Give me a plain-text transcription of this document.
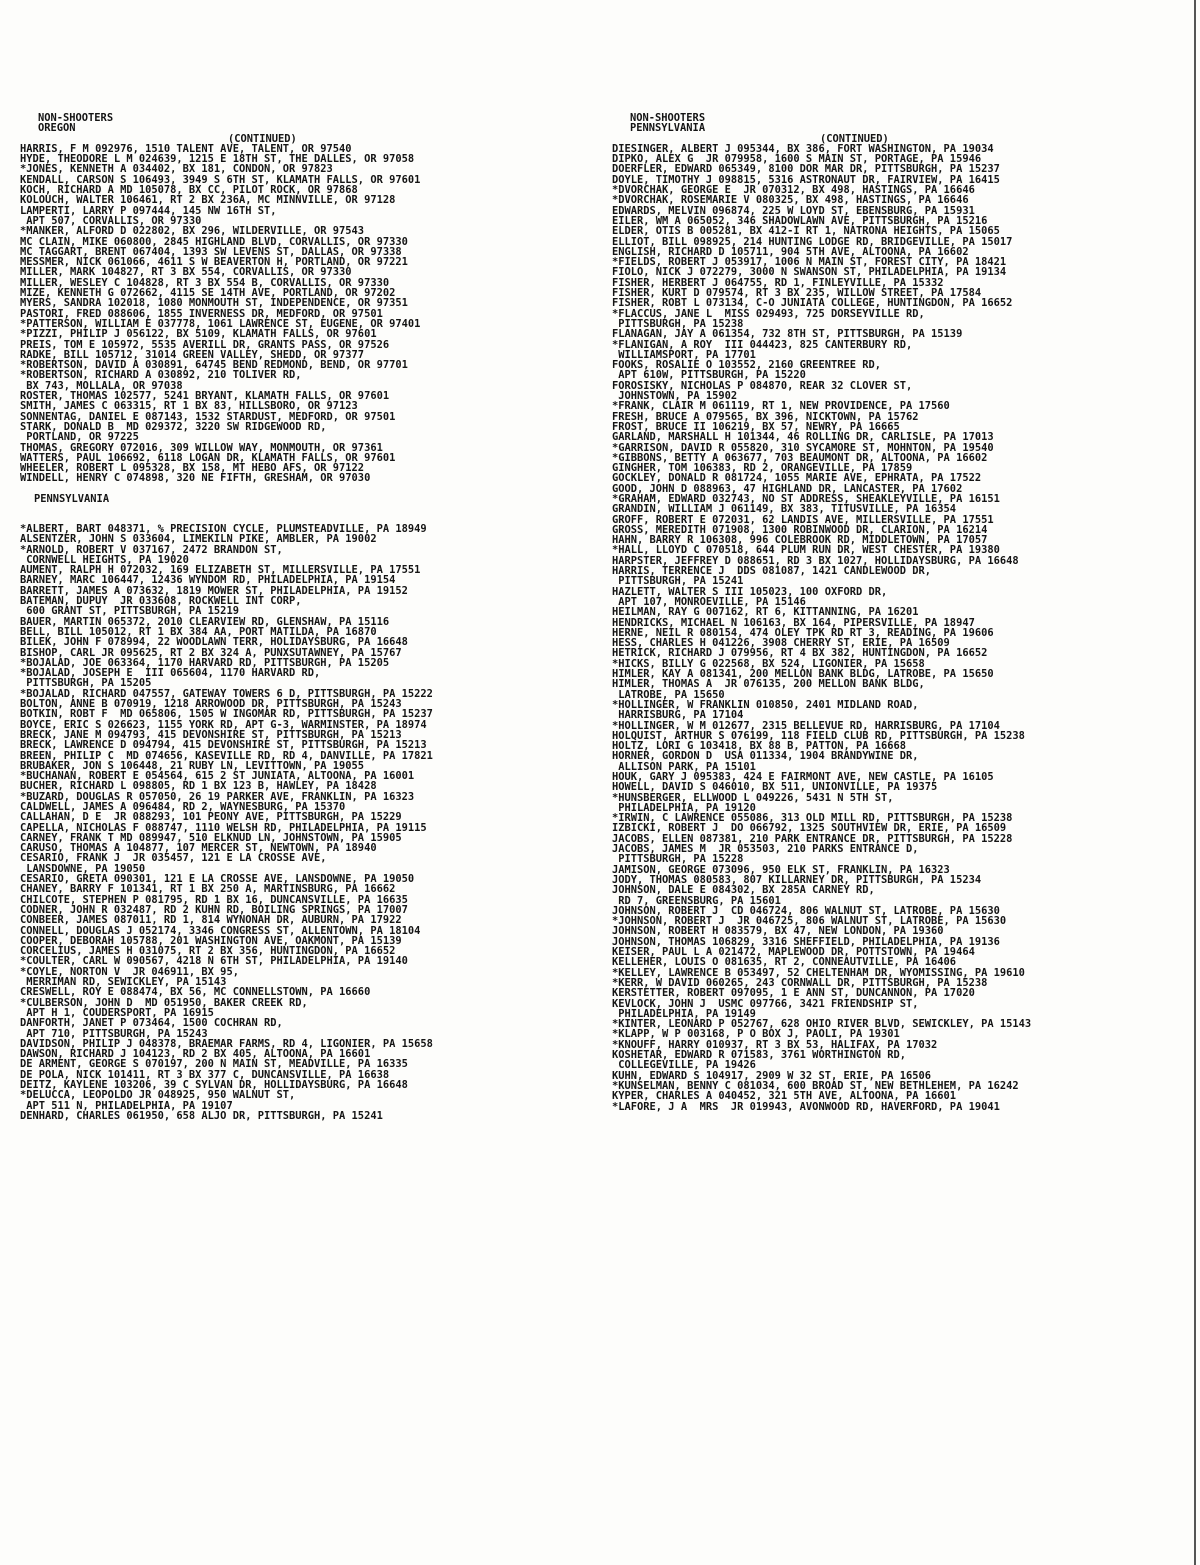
NON-SHOOTERS
OREGON
(CONTINUED)
HARRIS, F M 092976, 1510 TALENT AVE, TALENT, OR 97540
HYDE, THEODORE L M 024639, 1215 E 18TH ST, THE DALLES, OR 97058
*JONES, KENNETH A 034402, BX 181, CONDON, OR 97823
KENDALL, CARSON S 106493, 3949 S 6TH ST, KLAMATH FALLS, OR 97601
KOCH, RICHARD A MD 105078, BX CC, PILOT ROCK, OR 97868
KOLOUCH, WALTER 106461, RT 2 BX 236A, MC MINNVILLE, OR 97128
LAMPERTI, LARRY P 097444, 145 NW 16TH ST,
APT 507, CORVALLIS, OR 97330
*MANKER, ALFORD D 022802, BX 296, WILDERVILLE, OR 97543
MC CLAIN, MIKE 060800, 2845 HIGHLAND BLVD, CORVALLIS, OR 97330
MC TAGGART, BRENT 067404, 1393 SW LEVENS ST, DALLAS, OR 97338
MESSMER, NICK 061066, 4611 S W BEAVERTON H, PORTLAND, OR 97221
MILLER, MARK 104827, RT 3 BX 554, CORVALLIS, OR 97330
MILLER, WESLEY C 104828, RT 3 BX 554 B, CORVALLIS, OR 97330
MIZE, KENNETH G 072662, 4115 SE 14TH AVE, PORTLAND, OR 97202
MYERS, SANDRA 102018, 1080 MONMOUTH ST, INDEPENDENCE, OR 97351
PASTORI, FRED 088606, 1855 INVERNESS DR, MEDFORD, OR 97501
*PATTERSON, WILLIAM E 037778, 1061 LAWRENCE ST, EUGENE, OR 97401
*PIZZI, PHILIP J 056122, BX 5109, KLAMATH FALLS, OR 97601
PREIS, TOM E 105972, 5535 AVERILL DR, GRANTS PASS, OR 97526
RADKE, BILL 105712, 31014 GREEN VALLEY, SHEDD, OR 97377
*ROBERTSON, DAVID A 030891, 64745 BEND REDMOND, BEND, OR 97701
*ROBERTSON, RICHARD A 030892, 210 TOLIVER RD,
BX 743, MOLLALA, OR 97038
ROSTER, THOMAS 102577, 5241 BRYANT, KLAMATH FALLS, OR 97601
SMITH, JAMES C 063315, RT 1 BX 83, HILLSBORO, OR 97123
SONNENTAG, DANIEL E 087143, 1532 STARDUST, MEDFORD, OR 97501
STARK, DONALD B  MD 029372, 3220 SW RIDGEWOOD RD,
PORTLAND, OR 97225
THOMAS, GREGORY 072016, 309 WILLOW WAY, MONMOUTH, OR 97361
WATTERS, PAUL 106692, 6118 LOGAN DR, KLAMATH FALLS, OR 97601
WHEELER, ROBERT L 095328, BX 158, MT HEBO AFS, OR 97122
WINDELL, HENRY C 074898, 320 NE FIFTH, GRESHAM, OR 97030
PENNSYLVANIA
*ALBERT, BART 048371, % PRECISION CYCLE, PLUMSTEADVILLE, PA 18949
ALSENTZER, JOHN S 033604, LIMEKILN PIKE, AMBLER, PA 19002
*ARNOLD, ROBERT V 037167, 2472 BRANDON ST,
CORNWELL HEIGHTS, PA 19020
AUMENT, RALPH H 072032, 169 ELIZABETH ST, MILLERSVILLE, PA 17551
BARNEY, MARC 106447, 12436 WYNDOM RD, PHILADELPHIA, PA 19154
BARRETT, JAMES A 073632, 1819 MOWER ST, PHILADELPHIA, PA 19152
BATEMAN, DUPUY  JR 033608, ROCKWELL INT CORP,
600 GRANT ST, PITTSBURGH, PA 15219
BAUER, MARTIN 065372, 2010 CLEARVIEW RD, GLENSHAW, PA 15116
BELL, BILL 105012, RT 1 BX 384 AA, PORT MATILDA, PA 16870
BILEK, JOHN F 078994, 22 WOODLAWN TERR, HOLIDAYSBURG, PA 16648
BISHOP, CARL JR 095625, RT 2 BX 324 A, PUNXSUTAWNEY, PA 15767
*BOJALAD, JOE 063364, 1170 HARVARD RD, PITTSBURGH, PA 15205
*BOJALAD, JOSEPH E  III 065604, 1170 HARVARD RD,
PITTSBURGH, PA 15205
*BOJALAD, RICHARD 047557, GATEWAY TOWERS 6 D, PITTSBURGH, PA 15222
BOLTON, ANNE B 070919, 1218 ARROWOOD DR, PITTSBURGH, PA 15243
BOTKIN, ROBT F  MD 065806, 1505 W INGOMAR RD, PITTSBURGH, PA 15237
BOYCE, ERIC S 026623, 1155 YORK RD, APT G-3, WARMINSTER, PA 18974
BRECK, JANE M 094793, 415 DEVONSHIRE ST, PITTSBURGH, PA 15213
BRECK, LAWRENCE D 094794, 415 DEVONSHIRE ST, PITTSBURGH, PA 15213
BREEN, PHILIP C  MD 074656, KASEVILLE RD, RD 4, DANVILLE, PA 17821
BRUBAKER, JON S 106448, 21 RUBY LN, LEVITTOWN, PA 19055
*BUCHANAN, ROBERT E 054564, 615 2 ST JUNIATA, ALTOONA, PA 16001
BUCHER, RICHARD L 098805, RD 1 BX 123 B, HAWLEY, PA 18428
*BUZARD, DOUGLAS R 057050, 26 19 PARKER AVE, FRANKLIN, PA 16323
CALDWELL, JAMES A 096484, RD 2, WAYNESBURG, PA 15370
CALLAHAN, D E  JR 088293, 101 PEONY AVE, PITTSBURGH, PA 15229
CAPELLA, NICHOLAS F 088747, 1110 WELSH RD, PHILADELPHIA, PA 19115
CARNEY, FRANK T MD 089947, 510 ELKNUD LN, JOHNSTOWN, PA 15905
CARUSO, THOMAS A 104877, 107 MERCER ST, NEWTOWN, PA 18940
CESARIO, FRANK J  JR 035457, 121 E LA CROSSE AVE,
LANSDOWNE, PA 19050
CESARIO, GRETA 090301, 121 E LA CROSSE AVE, LANSDOWNE, PA 19050
CHANEY, BARRY F 101341, RT 1 BX 250 A, MARTINSBURG, PA 16662
CHILCOTE, STEPHEN P 081795, RD 1 BX 16, DUNCANSVILLE, PA 16635
CODNER, JOHN R 032487, RD 2 KUHN RD, BOILING SPRINGS, PA 17007
CONBEER, JAMES 087011, RD 1, 814 WYNONAH DR, AUBURN, PA 17922
CONNELL, DOUGLAS J 052174, 3346 CONGRESS ST, ALLENTOWN, PA 18104
COOPER, DEBORAH 105788, 201 WASHINGTON AVE, OAKMONT, PA 15139
CORCELIUS, JAMES H 031075, RT 2 BX 356, HUNTINGDON, PA 16652
*COULTER, CARL W 090567, 4218 N 6TH ST, PHILADELPHIA, PA 19140
*COYLE, NORTON V  JR 046911, BX 95,
MERRIMAN RD, SEWICKLEY, PA 15143
CRESWELL, ROY E 088474, BX 56, MC CONNELLSTOWN, PA 16660
*CULBERSON, JOHN D  MD 051950, BAKER CREEK RD,
APT H 1, COUDERSPORT, PA 16915
DANFORTH, JANET P 073464, 1500 COCHRAN RD,
APT 710, PITTSBURGH, PA 15243
DAVIDSON, PHILIP J 048378, BRAEMAR FARMS, RD 4, LIGONIER, PA 15658
DAWSON, RICHARD J 104123, RD 2 BX 405, ALTOONA, PA 16601
DE ARMENT, GEORGE S 070197, 200 N MAIN ST, MEADVILLE, PA 16335
DE POLA, NICK 101411, RT 3 BX 377 C, DUNCANSVILLE, PA 16638
DEITZ, KAYLENE 103206, 39 C SYLVAN DR, HOLLIDAYSBURG, PA 16648
*DELUCCA, LEOPOLDO JR 048925, 950 WALNUT ST,
APT 511 N, PHILADELPHIA, PA 19107
DENHARD, CHARLES 061950, 658 ALJO DR, PITTSBURGH, PA 15241
NON-SHOOTERS
PENNSYLVANIA
(CONTINUED)
DIESINGER, ALBERT J 095344, BX 386, FORT WASHINGTON, PA 19034
DIPKO, ALEX G  JR 079958, 1600 S MAIN ST, PORTAGE, PA 15946
DOERFLER, EDWARD 065349, 8100 DOR MAR DR, PITTSBURGH, PA 15237
DOYLE, TIMOTHY J 098815, 5316 ASTRONAUT DR, FAIRVIEW, PA 16415
*DVORCHAK, GEORGE E  JR 070312, BX 498, HASTINGS, PA 16646
*DVORCHAK, ROSEMARIE V 080325, BX 498, HASTINGS, PA 16646
EDWARDS, MELVIN 096874, 225 W LOYD ST, EBENSBURG, PA 15931
EILER, WM A 065052, 346 SHADOWLAWN AVE, PITTSBURGH, PA 15216
ELDER, OTIS B 005281, BX 412-I RT 1, NATRONA HEIGHTS, PA 15065
ELLIOT, BILL 098925, 214 HUNTING LODGE RD, BRIDGEVILLE, PA 15017
ENGLISH, RICHARD D 105711, 904 5TH AVE, ALTOONA, PA 16602
*FIELDS, ROBERT J 053917, 1006 N MAIN ST, FOREST CITY, PA 18421
FIOLO, NICK J 072279, 3000 N SWANSON ST, PHILADELPHIA, PA 19134
FISHER, HERBERT J 064755, RD 1, FINLEYVILLE, PA 15332
FISHER, KURT D 079574, RT 3 BX 235, WILLOW STREET, PA 17584
FISHER, ROBT L 073134, C-O JUNIATA COLLEGE, HUNTINGDON, PA 16652
*FLACCUS, JANE L  MISS 029493, 725 DORSEYVILLE RD,
PITTSBURGH, PA 15238
FLANAGAN, JAY A 061354, 732 8TH ST, PITTSBURGH, PA 15139
*FLANIGAN, A ROY  III 044423, 825 CANTERBURY RD,
WILLIAMSPORT, PA 17701
FOOKS, ROSALIE O 103552, 2160 GREENTREE RD,
APT 610W, PITTSBURGH, PA 15220
FOROSISKY, NICHOLAS P 084870, REAR 32 CLOVER ST,
JOHNSTOWN, PA 15902
*FRANK, CLAIR M 061119, RT 1, NEW PROVIDENCE, PA 17560
FRESH, BRUCE A 079565, BX 396, NICKTOWN, PA 15762
FROST, BRUCE II 106219, BX 57, NEWRY, PA 16665
GARLAND, MARSHALL H 101344, 46 ROLLING DR, CARLISLE, PA 17013
*GARRISON, DAVID R 055820, 310 SYCAMORE ST, MOHNTON, PA 19540
*GIBBONS, BETTY A 063677, 703 BEAUMONT DR, ALTOONA, PA 16602
GINGHER, TOM 106383, RD 2, ORANGEVILLE, PA 17859
GOCKLEY, DONALD R 081724, 1055 MARIE AVE, EPHRATA, PA 17522
GOOD, JOHN D 088963, 47 HIGHLAND DR, LANCASTER, PA 17602
*GRAHAM, EDWARD 032743, NO ST ADDRESS, SHEAKLEYVILLE, PA 16151
GRANDIN, WILLIAM J 061149, BX 383, TITUSVILLE, PA 16354
GROFF, ROBERT E 072031, 62 LANDIS AVE, MILLERSVILLE, PA 17551
GROSS, MEREDITH 071908, 1300 ROBINWOOD DR, CLARION, PA 16214
HAHN, BARRY R 106308, 996 COLEBROOK RD, MIDDLETOWN, PA 17057
*HALL, LLOYD C 070518, 644 PLUM RUN DR, WEST CHESTER, PA 19380
HARPSTER, JEFFREY D 088651, RD 3 BX 1027, HOLLIDAYSBURG, PA 16648
HARRIS, TERRENCE J  DDS 081087, 1421 CANDLEWOOD DR,
PITTSBURGH, PA 15241
HAZLETT, WALTER S III 105023, 100 OXFORD DR,
APT 107, MONROEVILLE, PA 15146
HEILMAN, RAY G 007162, RT 6, KITTANNING, PA 16201
HENDRICKS, MICHAEL N 106163, BX 164, PIPERSVILLE, PA 18947
HERNE, NEIL R 080154, 474 OLEY TPK RD RT 3, READING, PA 19606
HESS, CHARLES H 041226, 3908 CHERRY ST, ERIE, PA 16509
HETRICK, RICHARD J 079956, RT 4 BX 382, HUNTINGDON, PA 16652
*HICKS, BILLY G 022568, BX 524, LIGONIER, PA 15658
HIMLER, KAY A 081341, 200 MELLON BANK BLDG, LATROBE, PA 15650
HIMLER, THOMAS A  JR 076135, 200 MELLON BANK BLDG,
LATROBE, PA 15650
*HOLLINGER, W FRANKLIN 010850, 2401 MIDLAND ROAD,
HARRISBURG, PA 17104
*HOLLINGER, W M 012677, 2315 BELLEVUE RD, HARRISBURG, PA 17104
HOLQUIST, ARTHUR S 076199, 118 FIELD CLUB RD, PITTSBURGH, PA 15238
HOLTZ, LORI G 103418, BX 88 B, PATTON, PA 16668
HORNER, GORDON D  USA 011334, 1904 BRANDYWINE DR,
ALLISON PARK, PA 15101
HOUK, GARY J 095383, 424 E FAIRMONT AVE, NEW CASTLE, PA 16105
HOWELL, DAVID S 046010, BX 511, UNIONVILLE, PA 19375
*HUNSBERGER, ELLWOOD L 049226, 5431 N 5TH ST,
PHILADELPHIA, PA 19120
*IRWIN, C LAWRENCE 055086, 313 OLD MILL RD, PITTSBURGH, PA 15238
IZBICKI, ROBERT J  DO 066792, 1325 SOUTHVIEW DR, ERIE, PA 16509
JACOBS, ELLEN 087381, 210 PARK ENTRANCE DR, PITTSBURGH, PA 15228
JACOBS, JAMES M  JR 053503, 210 PARKS ENTRANCE D,
PITTSBURGH, PA 15228
JAMISON, GEORGE 073096, 950 ELK ST, FRANKLIN, PA 16323
JODY, THOMAS 080583, 807 KILLARNEY DR, PITTSBURGH, PA 15234
JOHNSON, DALE E 084302, BX 285A CARNEY RD,
RD 7, GREENSBURG, PA 15601
JOHNSON, ROBERT J  CD 046724, 806 WALNUT ST, LATROBE, PA 15630
*JOHNSON, ROBERT J  JR 046725, 806 WALNUT ST, LATROBE, PA 15630
JOHNSON, ROBERT H 083579, BX 47, NEW LONDON, PA 19360
JOHNSON, THOMAS 106829, 3316 SHEFFIELD, PHILADELPHIA, PA 19136
KEISER, PAUL L A 021472, MAPLEWOOD DR, POTTSTOWN, PA 19464
KELLEHER, LOUIS O 081635, RT 2, CONNEAUTVILLE, PA 16406
*KELLEY, LAWRENCE B 053497, 52 CHELTENHAM DR, WYOMISSING, PA 19610
*KERR, W DAVID 060265, 243 CORNWALL DR, PITTSBURGH, PA 15238
KERSTETTER, ROBERT 097095, 1 E ANN ST, DUNCANNON, PA 17020
KEVLOCK, JOHN J  USMC 097766, 3421 FRIENDSHIP ST,
PHILADELPHIA, PA 19149
*KINTER, LEONARD P 052767, 628 OHIO RIVER BLVD, SEWICKLEY, PA 15143
*KLAPP, W P 003168, P O BOX J, PAOLI, PA 19301
*KNOUFF, HARRY 010937, RT 3 BX 53, HALIFAX, PA 17032
KOSHETAR, EDWARD R 071583, 3761 WORTHINGTON RD,
COLLEGEVILLE, PA 19426
KUHN, EDWARD S 104917, 2909 W 32 ST, ERIE, PA 16506
*KUNSELMAN, BENNY C 081034, 600 BROAD ST, NEW BETHLEHEM, PA 16242
KYPER, CHARLES A 040452, 321 5TH AVE, ALTOONA, PA 16601
*LAFORE, J A  MRS  JR 019943, AVONWOOD RD, HAVERFORD, PA 19041
